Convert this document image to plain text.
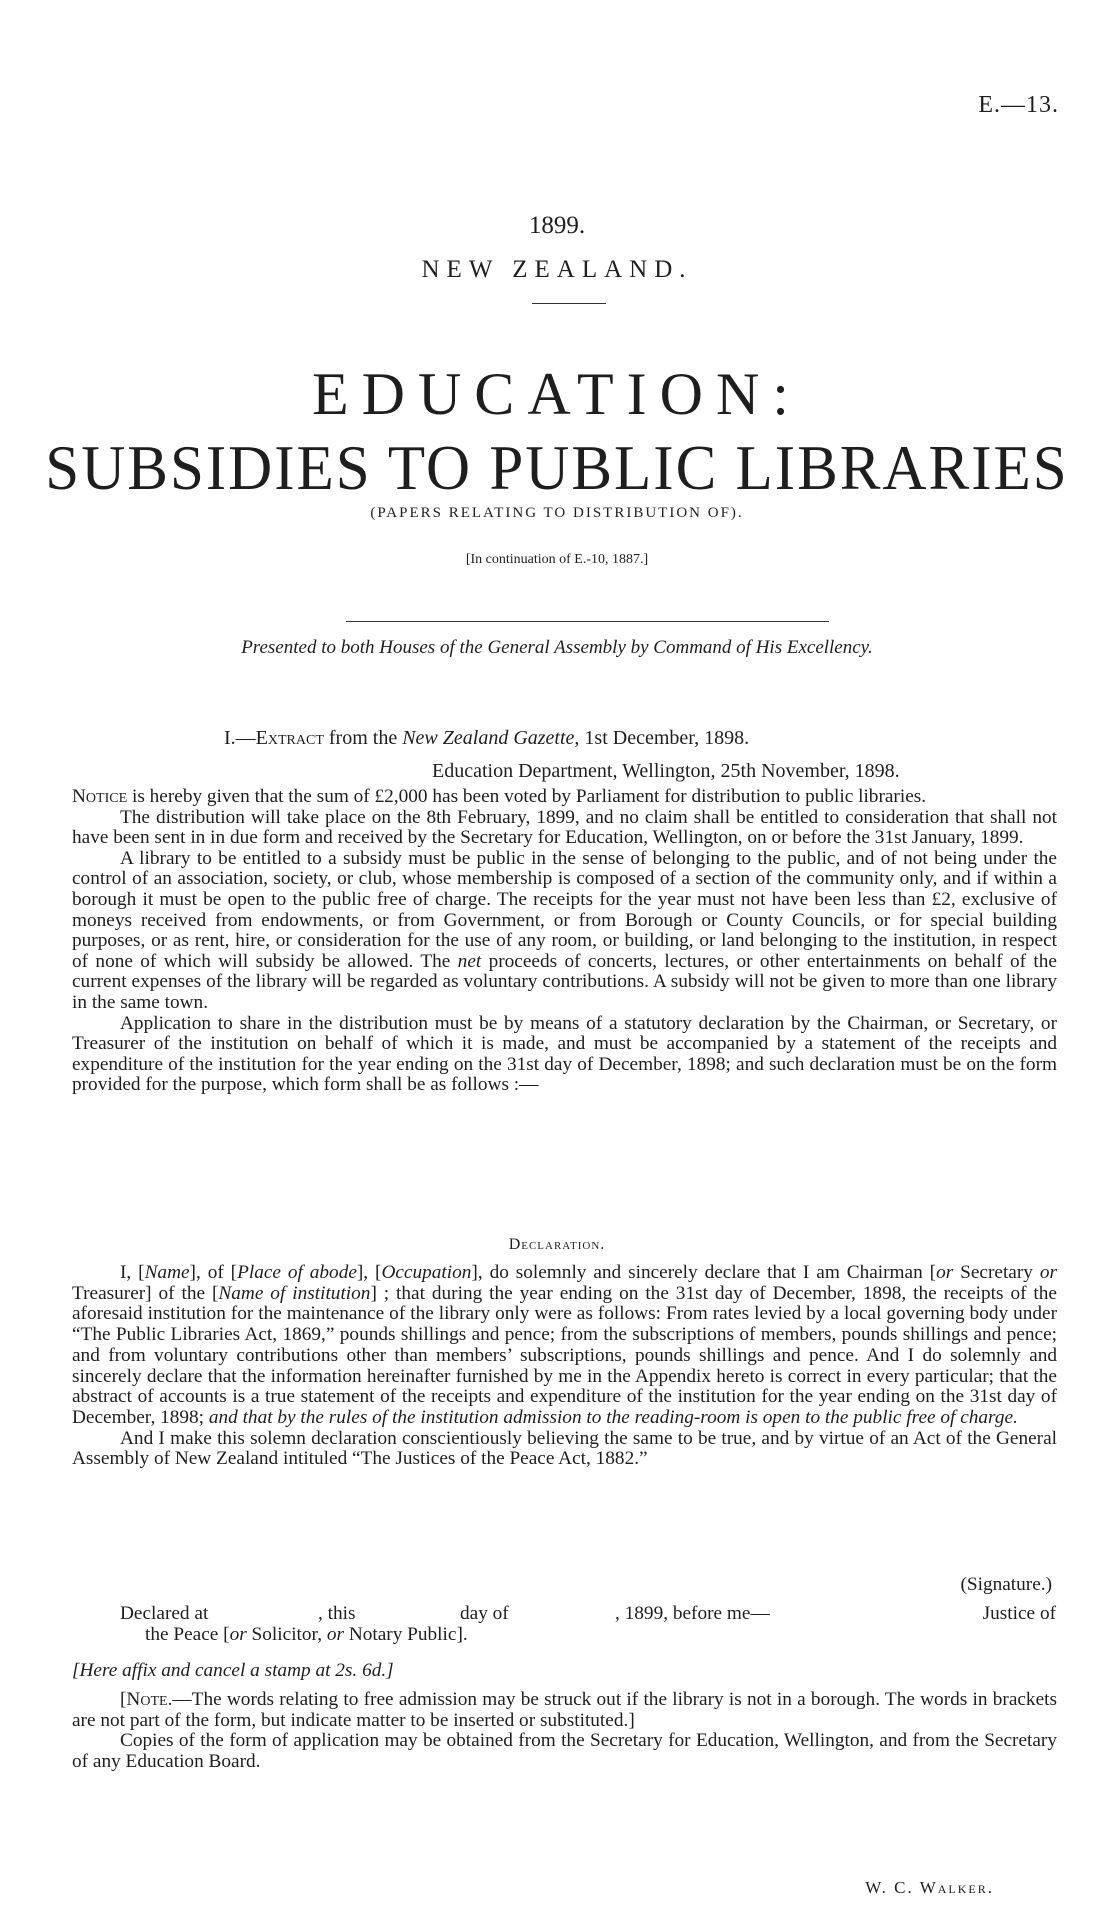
E.—13.
1899.
NEW ZEALAND.
EDUCATION:
SUBSIDIES TO PUBLIC LIBRARIES
(PAPERS RELATING TO DISTRIBUTION OF).
[In continuation of E.-10, 1887.]
Presented to both Houses of the General Assembly by Command of His Excellency.
I.—Extract from the New Zealand Gazette, 1st December, 1898.
Education Department, Wellington, 25th November, 1898.

Notice is hereby given that the sum of £2,000 has been voted by Parliament for distribution to public libraries.

The distribution will take place on the 8th February, 1899, and no claim shall be entitled to consideration that shall not have been sent in in due form and received by the Secretary for Education, Wellington, on or before the 31st January, 1899.

A library to be entitled to a subsidy must be public in the sense of belonging to the public, and of not being under the control of an association, society, or club, whose membership is composed of a section of the community only, and if within a borough it must be open to the public free of charge. The receipts for the year must not have been less than £2, exclusive of moneys received from endowments, or from Government, or from Borough or County Councils, or for special building purposes, or as rent, hire, or consideration for the use of any room, or building, or land belonging to the institution, in respect of none of which will subsidy be allowed. The net proceeds of concerts, lectures, or other entertainments on behalf of the current expenses of the library will be regarded as voluntary contributions. A subsidy will not be given to more than one library in the same town.

Application to share in the distribution must be by means of a statutory declaration by the Chairman, or Secretary, or Treasurer of the institution on behalf of which it is made, and must be accompanied by a statement of the receipts and expenditure of the institution for the year ending on the 31st day of December, 1898; and such declaration must be on the form provided for the purpose, which form shall be as follows :—

Declaration.

I, [Name], of [Place of abode], [Occupation], do solemnly and sincerely declare that I am Chairman [or Secretary or Treasurer] of the [Name of institution] ; that during the year ending on the 31st day of December, 1898, the receipts of the aforesaid institution for the maintenance of the library only were as follows: From rates levied by a local governing body under “The Public Libraries Act, 1869,” pounds shillings and pence; from the subscriptions of members, pounds shillings and pence; and from voluntary contributions other than members’ subscriptions, pounds shillings and pence. And I do solemnly and sincerely declare that the information hereinafter furnished by me in the Appendix hereto is correct in every particular; that the abstract of accounts is a true statement of the receipts and expenditure of the institution for the year ending on the 31st day of December, 1898; and that by the rules of the institution admission to the reading-room is open to the public free of charge.

And I make this solemn declaration conscientiously believing the same to be true, and by virtue of an Act of the General Assembly of New Zealand intituled “The Justices of the Peace Act, 1882.”

(Signature.)
Declared at	, this	day of	, 1899, before me—	Justice of
the Peace [or Solicitor, or Notary Public].
[Here affix and cancel a stamp at 2s. 6d.]

[Note.—The words relating to free admission may be struck out if the library is not in a borough. The words in brackets are not part of the form, but indicate matter to be inserted or substituted.]

Copies of the form of application may be obtained from the Secretary for Education, Wellington, and from the Secretary of any Education Board.

W. C. Walker.
